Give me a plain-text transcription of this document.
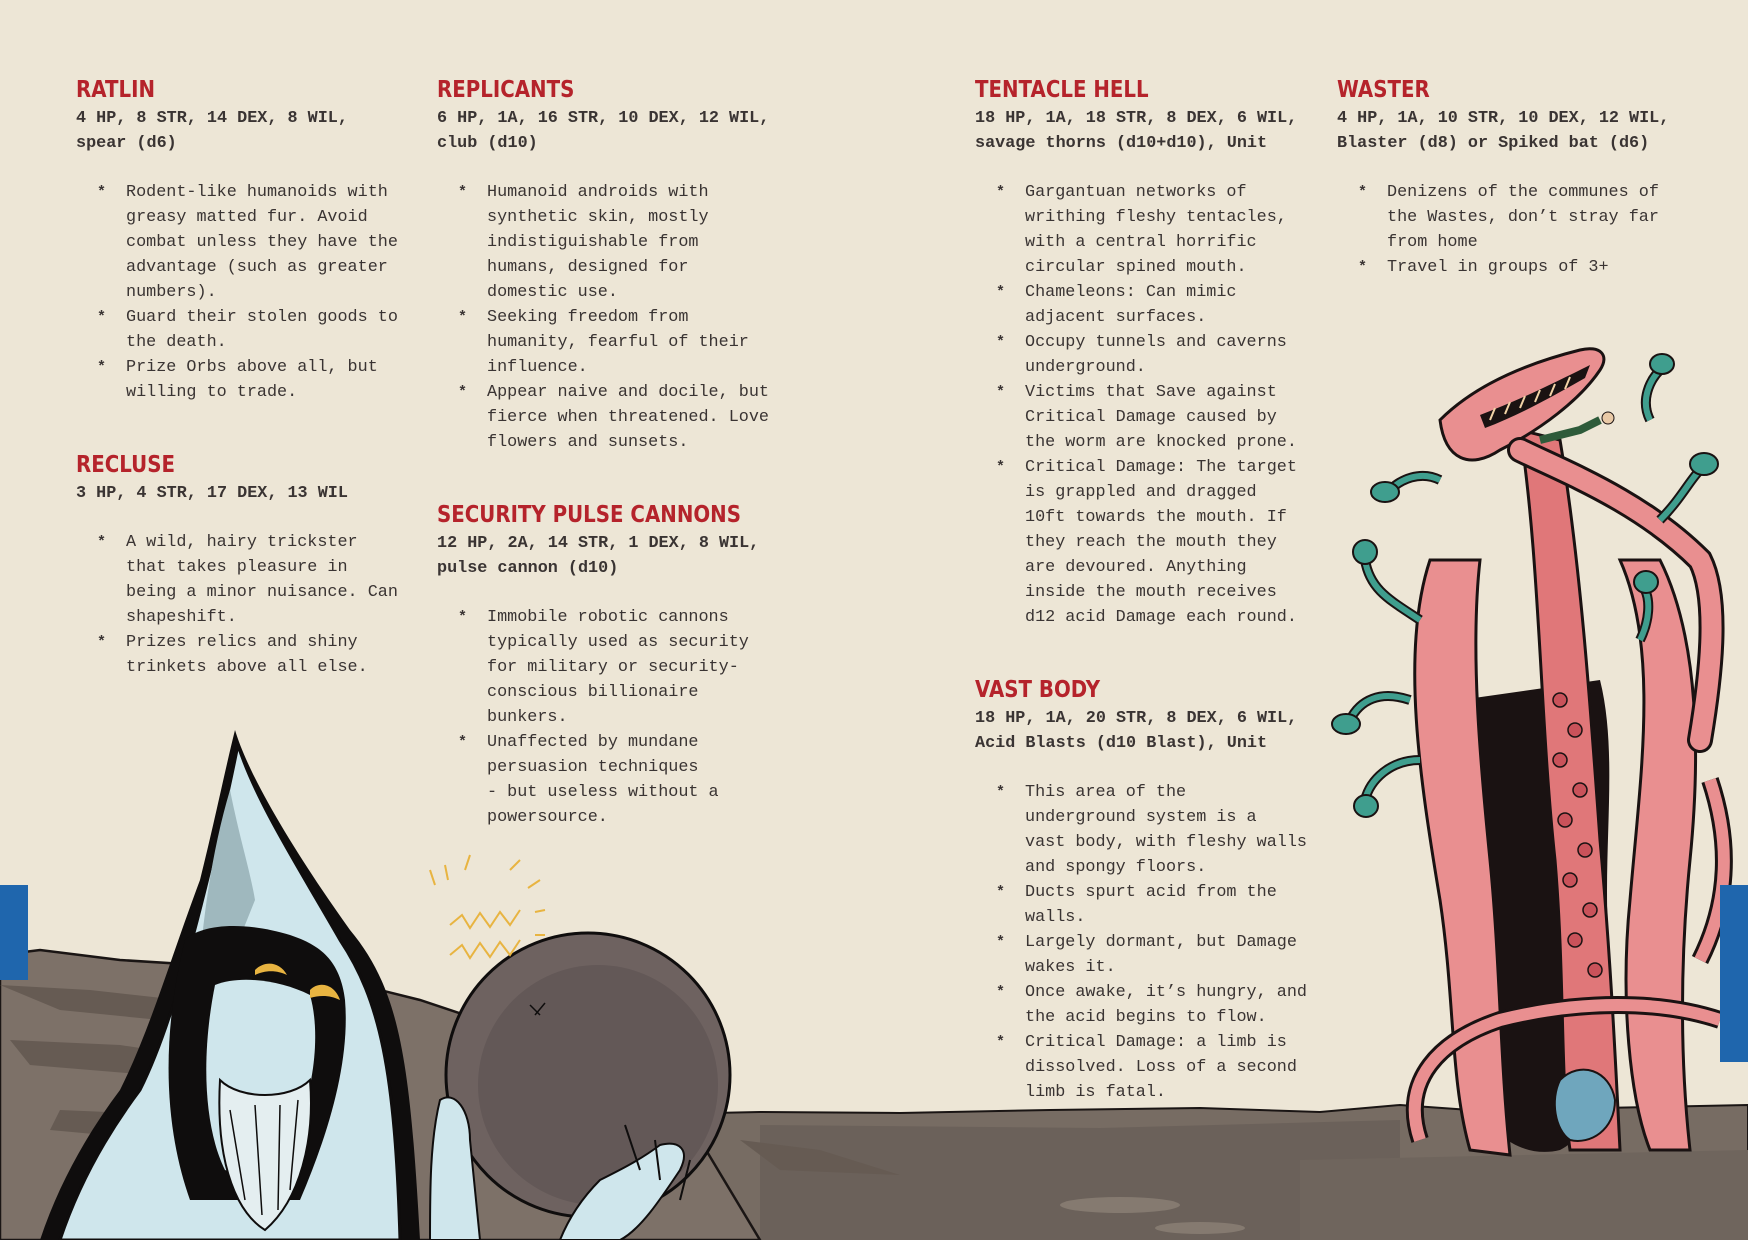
RATLIN
4 HP, 8 STR, 14 DEX, 8 WIL,
spear (d6)
* Rodent-like humanoids with
greasy matted fur. Avoid
combat unless they have the
advantage (such as greater
numbers).
* Guard their stolen goods to
the death.
* Prize Orbs above all, but
willing to trade.
RECLUSE
3 HP, 4 STR, 17 DEX, 13 WIL
* A wild, hairy trickster
that takes pleasure in
being a minor nuisance. Can
shapeshift.
* Prizes relics and shiny
trinkets above all else.
REPLICANTS
6 HP, 1A, 16 STR, 10 DEX, 12 WIL,
club (d10)
* Humanoid androids with
synthetic skin, mostly
indistiguishable from
humans, designed for
domestic use.
* Seeking freedom from
humanity, fearful of their
influence.
* Appear naive and docile, but
fierce when threatened. Love
flowers and sunsets.
SECURITY PULSE CANNONS
12 HP, 2A, 14 STR, 1 DEX, 8 WIL,
pulse cannon (d10)
* Immobile robotic cannons
typically used as security
for military or security-
conscious billionaire
bunkers.
* Unaffected by mundane
persuasion techniques
- but useless without a
powersource.
TENTACLE HELL
18 HP, 1A, 18 STR, 8 DEX, 6 WIL,
savage thorns (d10+d10), Unit
* Gargantuan networks of
writhing fleshy tentacles,
with a central horrific
circular spined mouth.
* Chameleons: Can mimic
adjacent surfaces.
* Occupy tunnels and caverns
underground.
* Victims that Save against
Critical Damage caused by
the worm are knocked prone.
* Critical Damage: The target
is grappled and dragged
10ft towards the mouth. If
they reach the mouth they
are devoured. Anything
inside the mouth receives
d12 acid Damage each round.
VAST BODY
18 HP, 1A, 20 STR, 8 DEX, 6 WIL,
Acid Blasts (d10 Blast), Unit
* This area of the
underground system is a
vast body, with fleshy walls
and spongy floors.
* Ducts spurt acid from the
walls.
* Largely dormant, but Damage
wakes it.
* Once awake, it’s hungry, and
the acid begins to flow.
* Critical Damage: a limb is
dissolved. Loss of a second
limb is fatal.
WASTER
4 HP, 1A, 10 STR, 10 DEX, 12 WIL,
Blaster (d8) or Spiked bat (d6)
* Denizens of the communes of
the Wastes, don’t stray far
from home
* Travel in groups of 3+
